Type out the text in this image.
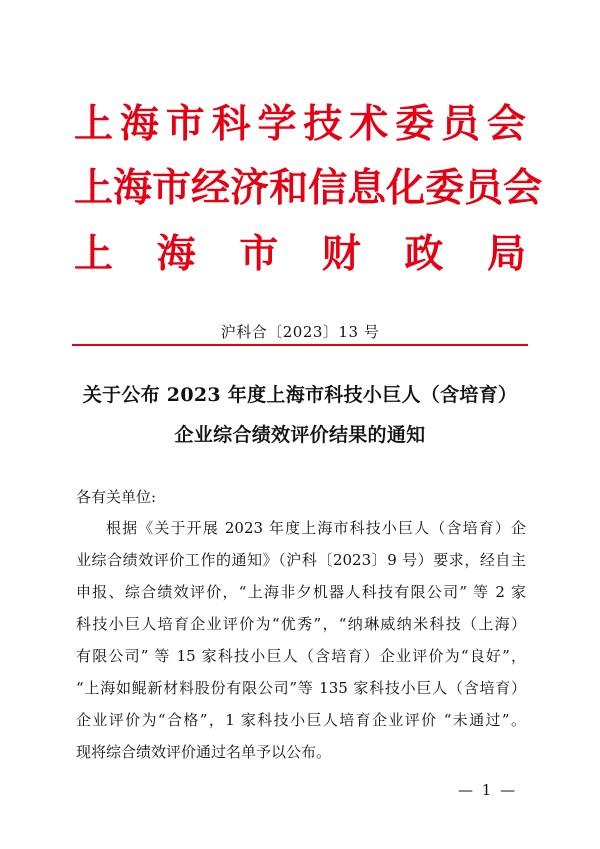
上 海 市 科 学 技 术 委 员 会
上 海 市 经 济 和 信 息 化 委 员 会
上 海 市 财 政 局
沪科合〔2023〕13 号
关于公布 2023 年度上海市科技小巨人（含培育）
企业综合绩效评价结果的通知
各有关单位:
根据《关于开展 2023 年度上海市科技小巨人（含培育）企
业综合绩效评价工作的通知》（沪科〔2023〕9 号）要求，经自主
申报、综合绩效评价，“上海非夕机器人科技有限公司” 等 2 家
科技小巨人培育企业评价为“优秀”，“纳琳威纳米科技（上海）
有限公司” 等 15 家科技小巨人（含培育）企业评价为“良好”，
“上海如鲲新材料股份有限公司”等 135 家科技小巨人（含培育）
企业评价为“合格”，1 家科技小巨人培育企业评价 “未通过”。
现将综合绩效评价通过名单予以公布。
— 1 —
